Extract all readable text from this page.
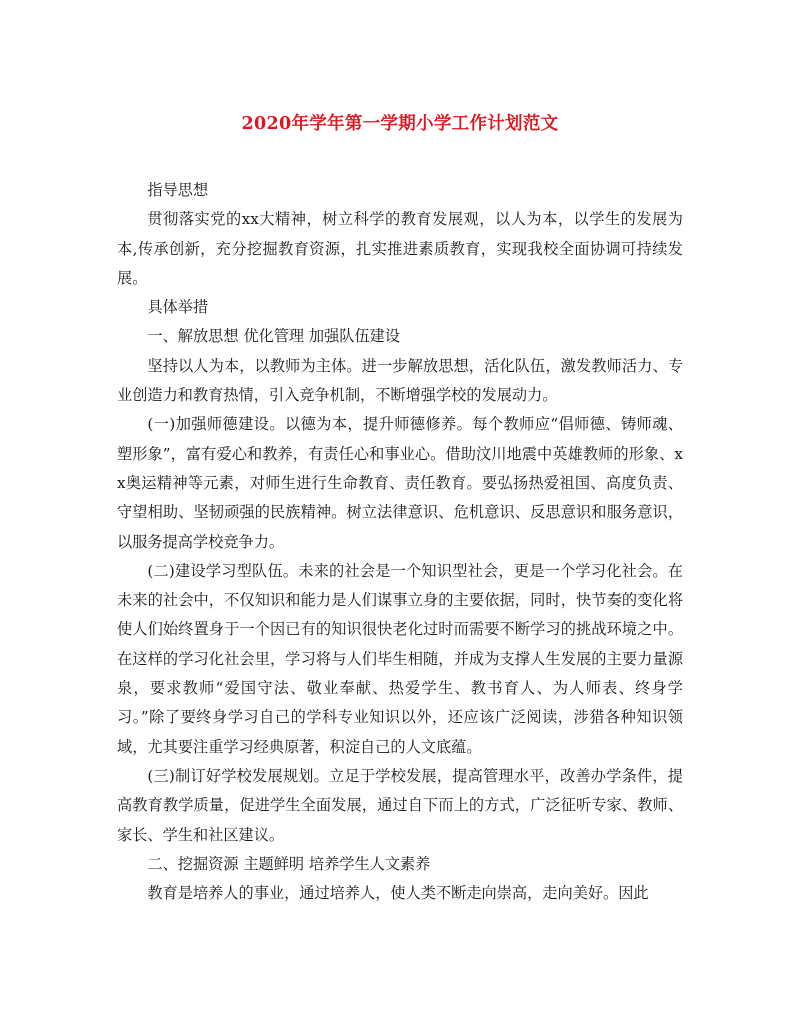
2020年学年第一学期小学工作计划范文

指导思想

贯彻落实党的xx大精神，树立科学的教育发展观，以人为本，以学生的发展为本,传承创新，充分挖掘教育资源，扎实推进素质教育，实现我校全面协调可持续发展。

具体举措

一、解放思想 优化管理 加强队伍建设

坚持以人为本，以教师为主体。进一步解放思想，活化队伍，激发教师活力、专业创造力和教育热情，引入竞争机制，不断增强学校的发展动力。

(一)加强师德建设。以德为本，提升师德修养。每个教师应“倡师德、铸师魂、塑形象”，富有爱心和教养，有责任心和事业心。借助汶川地震中英雄教师的形象、xx奥运精神等元素，对师生进行生命教育、责任教育。要弘扬热爱祖国、高度负责、守望相助、坚韧顽强的民族精神。树立法律意识、危机意识、反思意识和服务意识，以服务提高学校竞争力。

(二)建设学习型队伍。未来的社会是一个知识型社会，更是一个学习化社会。在未来的社会中，不仅知识和能力是人们谋事立身的主要依据，同时，快节奏的变化将使人们始终置身于一个因已有的知识很快老化过时而需要不断学习的挑战环境之中。在这样的学习化社会里，学习将与人们毕生相随，并成为支撑人生发展的主要力量源泉，要求教师“爱国守法、敬业奉献、热爱学生、教书育人、为人师表、终身学习。”除了要终身学习自己的学科专业知识以外，还应该广泛阅读，涉猎各种知识领域，尤其要注重学习经典原著，积淀自己的人文底蕴。

(三)制订好学校发展规划。立足于学校发展，提高管理水平，改善办学条件，提高教育教学质量，促进学生全面发展，通过自下而上的方式，广泛征听专家、教师、家长、学生和社区建议。

二、挖掘资源 主题鲜明 培养学生人文素养

教育是培养人的事业，通过培养人，使人类不断走向崇高，走向美好。因此
